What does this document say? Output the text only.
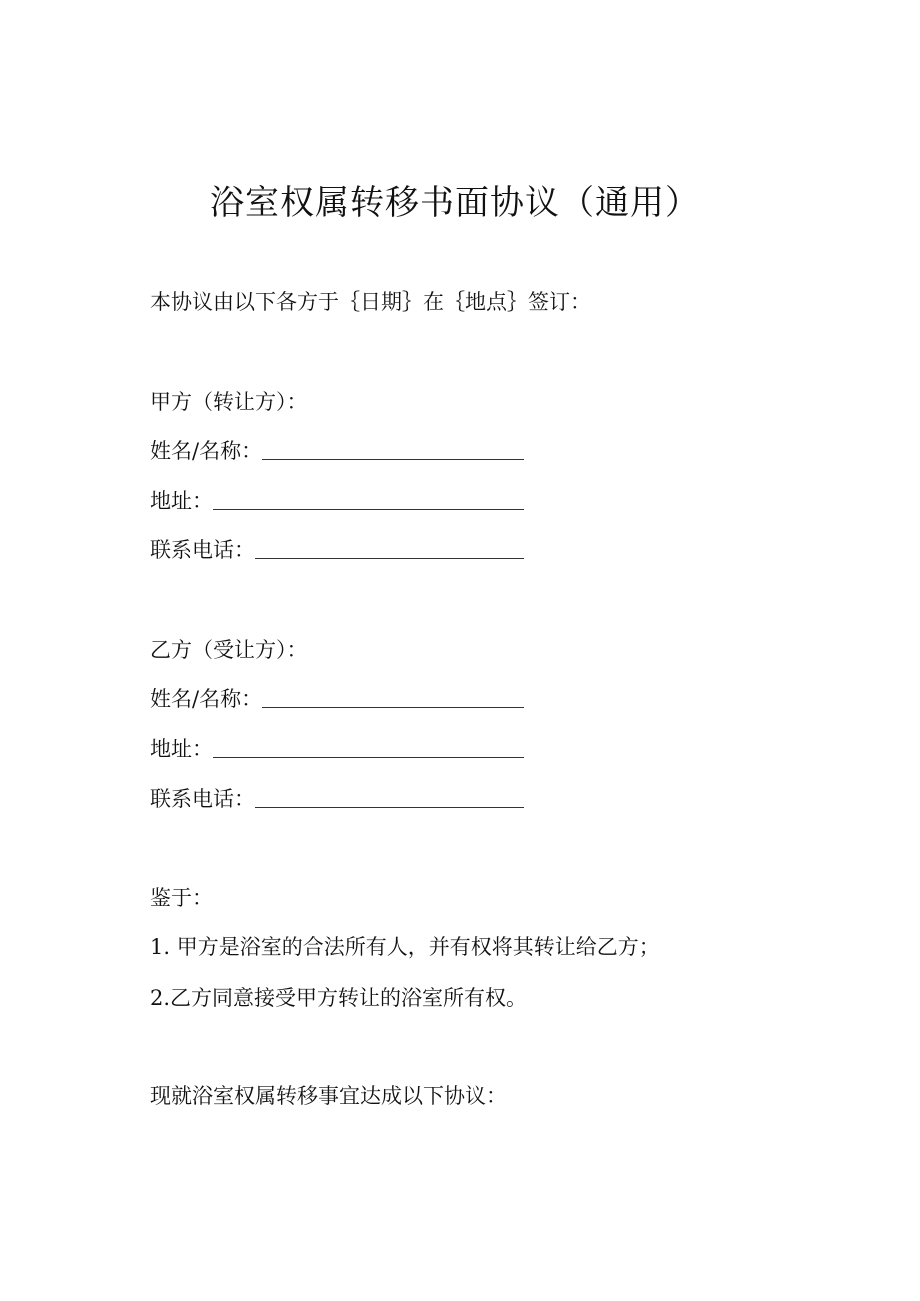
浴室权属转移书面协议（通用）
本协议由以下各方于｛日期｝在｛地点｝签订：
甲方（转让方）：
姓名/名称：
地址：
联系电话：
乙方（受让方）：
姓名/名称：
地址：
联系电话：
鉴于：
1. 甲方是浴室的合法所有人，并有权将其转让给乙方；
2.乙方同意接受甲方转让的浴室所有权。
现就浴室权属转移事宜达成以下协议：
